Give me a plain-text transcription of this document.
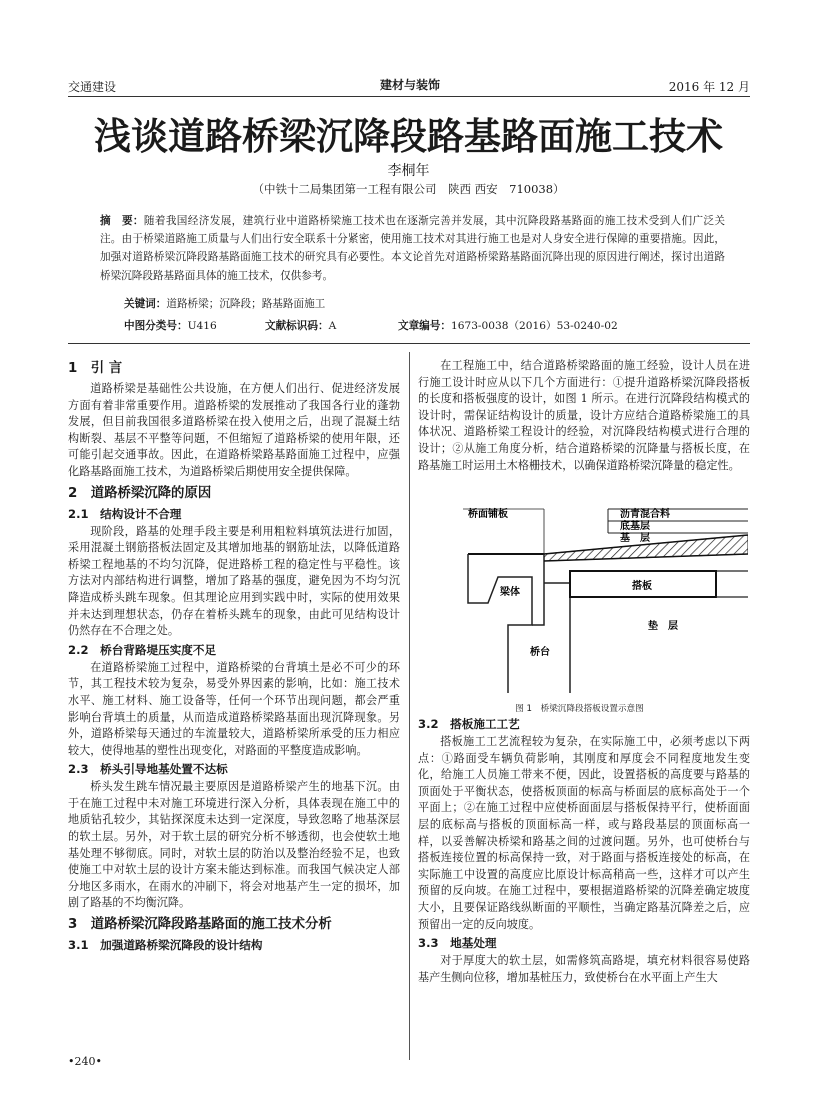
交通建设	建材与装饰	2016 年 12 月
浅谈道路桥梁沉降段路基路面施工技术
李桐年
（中铁十二局集团第一工程有限公司　陕西 西安　710038）
摘　要：随着我国经济发展，建筑行业中道路桥梁施工技术也在逐渐完善并发展，其中沉降段路基路面的施工技术受到人们广泛关注。由于桥梁道路施工质量与人们出行安全联系十分紧密，使用施工技术对其进行施工也是对人身安全进行保障的重要措施。因此，加强对道路桥梁沉降段路基路面施工技术的研究具有必要性。本文论首先对道路桥梁路基路面沉降出现的原因进行阐述，探讨出道路桥梁沉降段路基路面具体的施工技术，仅供参考。
关键词：道路桥梁；沉降段；路基路面施工
中图分类号：U416	文献标识码：A	文章编号：1673-0038（2016）53-0240-02
1　引 言

道路桥梁是基础性公共设施，在方便人们出行、促进经济发展方面有着非常重要作用。道路桥梁的发展推动了我国各行业的蓬勃发展，但目前我国很多道路桥梁在投入使用之后，出现了混凝土结构断裂、基层不平整等问题，不但缩短了道路桥梁的使用年限，还可能引起交通事故。因此，在道路桥梁路基路面施工过程中，应强化路基路面施工技术，为道路桥梁后期使用安全提供保障。

2　道路桥梁沉降的原因
2.1　结构设计不合理

现阶段，路基的处理手段主要是利用粗粒料填筑法进行加固，采用混凝土钢筋搭板法固定及其增加地基的钢筋址法，以降低道路桥梁工程地基的不均匀沉降，促进路桥工程的稳定性与平稳性。该方法对内部结构进行调整，增加了路基的强度，避免因为不均匀沉降造成桥头跳车现象。但其理论应用到实践中时，实际的使用效果并未达到理想状态，仍存在着桥头跳车的现象，由此可见结构设计仍然存在不合理之处。

2.2　桥台背路堤压实度不足

在道路桥梁施工过程中，道路桥梁的台背填土是必不可少的环节，其工程技术较为复杂，易受外界因素的影响，比如：施工技术水平、施工材料、施工设备等，任何一个环节出现问题，都会严重影响台背填土的质量，从而造成道路桥梁路基面出现沉降现象。另外，道路桥梁每天通过的车流量较大，道路桥梁所承受的压力相应较大，使得地基的塑性出现变化，对路面的平整度造成影响。

2.3　桥头引导地基处置不达标

桥头发生跳车情况最主要原因是道路桥梁产生的地基下沉。由于在施工过程中未对施工环境进行深入分析，具体表现在施工中的地质钻孔较少，其钻探深度未达到一定深度，导致忽略了地基深层的软土层。另外，对于软土层的研究分析不够透彻，也会使软土地基处理不够彻底。同时，对软土层的防治以及整治经验不足，也致使施工中对软土层的设计方案未能达到标准。而我国气候决定人部分地区多雨水，在雨水的冲刷下，将会对地基产生一定的损坏，加剧了路基的不均衡沉降。

3　道路桥梁沉降段路基路面的施工技术分析
3.1　加强道路桥梁沉降段的设计结构

在工程施工中，结合道路桥梁路面的施工经验，设计人员在进行施工设计时应从以下几个方面进行：①提升道路桥梁沉降段搭板的长度和搭板强度的设计，如图 1 所示。在进行沉降段结构模式的设计时，需保证结构设计的质量，设计方应结合道路桥梁施工的具体状况、道路桥梁工程设计的经验，对沉降段结构模式进行合理的设计；②从施工角度分析，结合道路桥梁的沉降量与搭板长度，在路基施工时运用土木格栅技术，以确保道路桥梁沉降量的稳定性。

桥面铺板	沥青混合料
底基层
基　层
梁体
搭板
垫　层
桥台
图 1　桥梁沉降段搭板设置示意图
3.2　搭板施工工艺

搭板施工工艺流程较为复杂，在实际施工中，必须考虑以下两点：①路面受车辆负荷影响，其刚度和厚度会不同程度地发生变化，给施工人员施工带来不便，因此，设置搭板的高度要与路基的顶面处于平衡状态，使搭板顶面的标高与桥面层的底标高处于一个平面上；②在施工过程中应使桥面面层与搭板保持平行，使桥面面层的底标高与搭板的顶面标高一样，或与路段基层的顶面标高一样，以妥善解决桥梁和路基之间的过渡问题。另外，也可使桥台与搭板连接位置的标高保持一致，对于路面与搭板连接处的标高，在实际施工中设置的高度应比原设计标高稍高一些，这样才可以产生预留的反向坡。在施工过程中，要根据道路桥梁的沉降差确定坡度大小，且要保证路线纵断面的平顺性，当确定路基沉降差之后，应预留出一定的反向坡度。

3.3　地基处理

对于厚度大的软土层，如需修筑高路堤，填充材料很容易使路基产生侧向位移，增加基桩压力，致使桥台在水平面上产生大

•240•
